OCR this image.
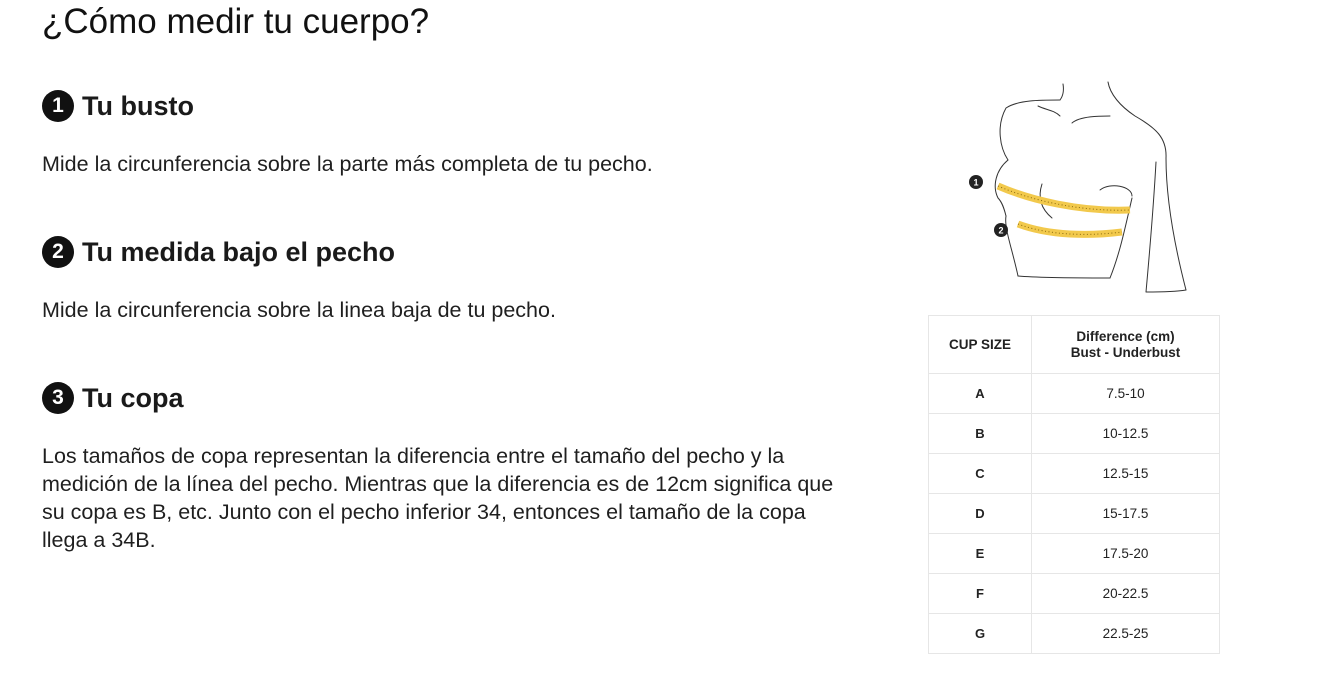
¿Cómo medir tu cuerpo?
1 Tu busto

Mide la circunferencia sobre la parte más completa de tu pecho.

2 Tu medida bajo el pecho

Mide la circunferencia sobre la linea baja de tu pecho.

3 Tu copa

Los tamaños de copa representan la diferencia entre el tamaño del pecho y la medición de la línea del pecho. Mientras que la diferencia es de 12cm significa que su copa es B, etc. Junto con el pecho inferior 34, entonces el tamaño de la copa llega a 34B.

1
2
CUP SIZE	Difference (cm)
Bust - Underbust

A	7.5-10
B	10-12.5
C	12.5-15
D	15-17.5
E	17.5-20
F	20-22.5
G	22.5-25
